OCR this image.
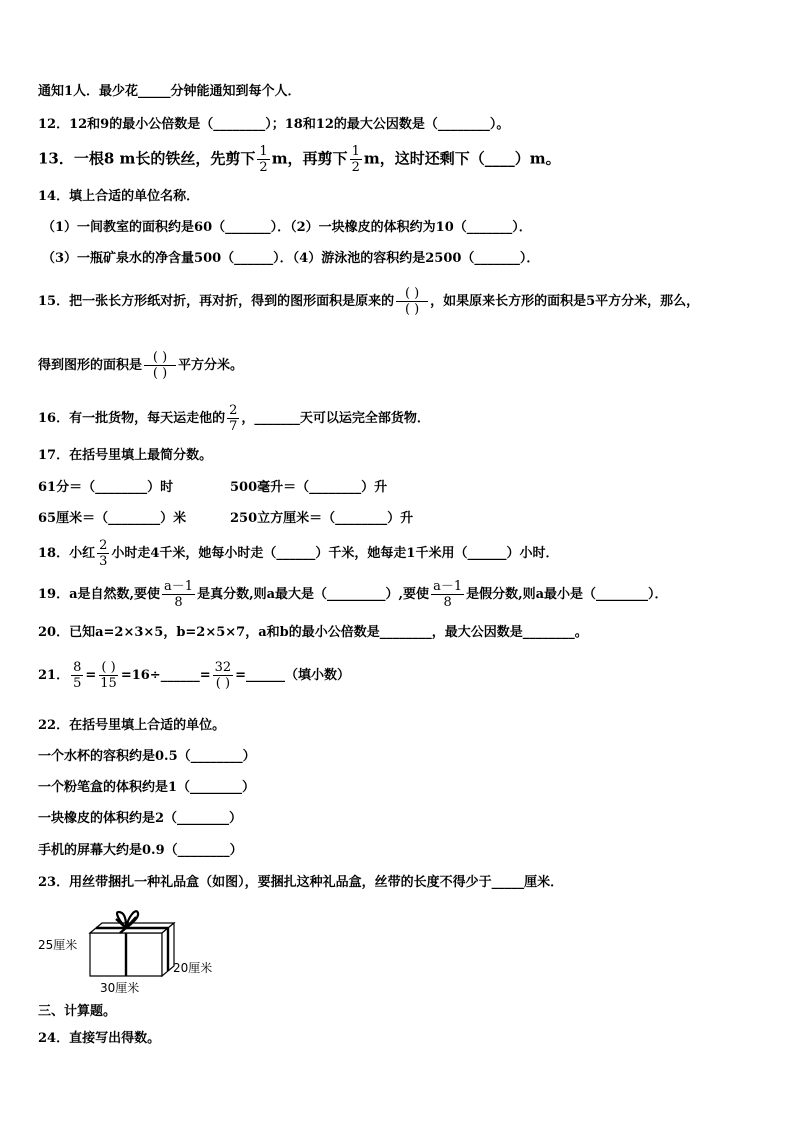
通知1人．最少花_____分钟能通知到每个人．
12．12和9的最小公倍数是（________）；18和12的最大公因数是（________）。
13．一根8 m长的铁丝，先剪下 $\frac{1}{2}$ m，再剪下 $\frac{1}{2}$ m，这时还剩下（____）m。
14．填上合适的单位名称．
（1）一间教室的面积约是60（_______）．（2）一块橡皮的体积约为10（_______）．
（3）一瓶矿泉水的净含量500（______）．（4）游泳池的容积约是2500（_______）．
15．把一张长方形纸对折，再对折，得到的图形面积是原来的
( )
( )
，如果原来长方形的面积是5平方分米，那么，
得到图形的面积是
( )
( )
平方分米。
16．有一批货物，每天运走他的 $\frac{2}{7}$ ，_______天可以运完全部货物．
17．在括号里填上最简分数。
61分＝（________）时	500毫升＝（________）升
65厘米＝（________）米	250立方厘米＝（________）升
18．小红 $\frac{2}{3}$ 小时走4千米，她每小时走（______）千米，她每走1千米用（______）小时．
19．a是自然数,要使 $\frac{a-1}{8}$ 是真分数,则a最大是（_________）,要使 $\frac{a-1}{8}$ 是假分数,则a最小是（________）．
20．已知a=2×3×5，b=2×5×7，a和b的最小公倍数是________，最大公因数是________。
21． $\frac{8}{5}$ =
( )
15
=16÷______=
32
( )
=______（填小数）
22．在括号里填上合适的单位。
一个水杯的容积约是0.5（________）
一个粉笔盒的体积约是1（________）
一块橡皮的体积约是2（________）
手机的屏幕大约是0.9（________）
23．用丝带捆扎一种礼品盒（如图），要捆扎这种礼品盒，丝带的长度不得少于_____厘米．
25厘米
20厘米
30厘米
三、计算题。
24．直接写出得数。
